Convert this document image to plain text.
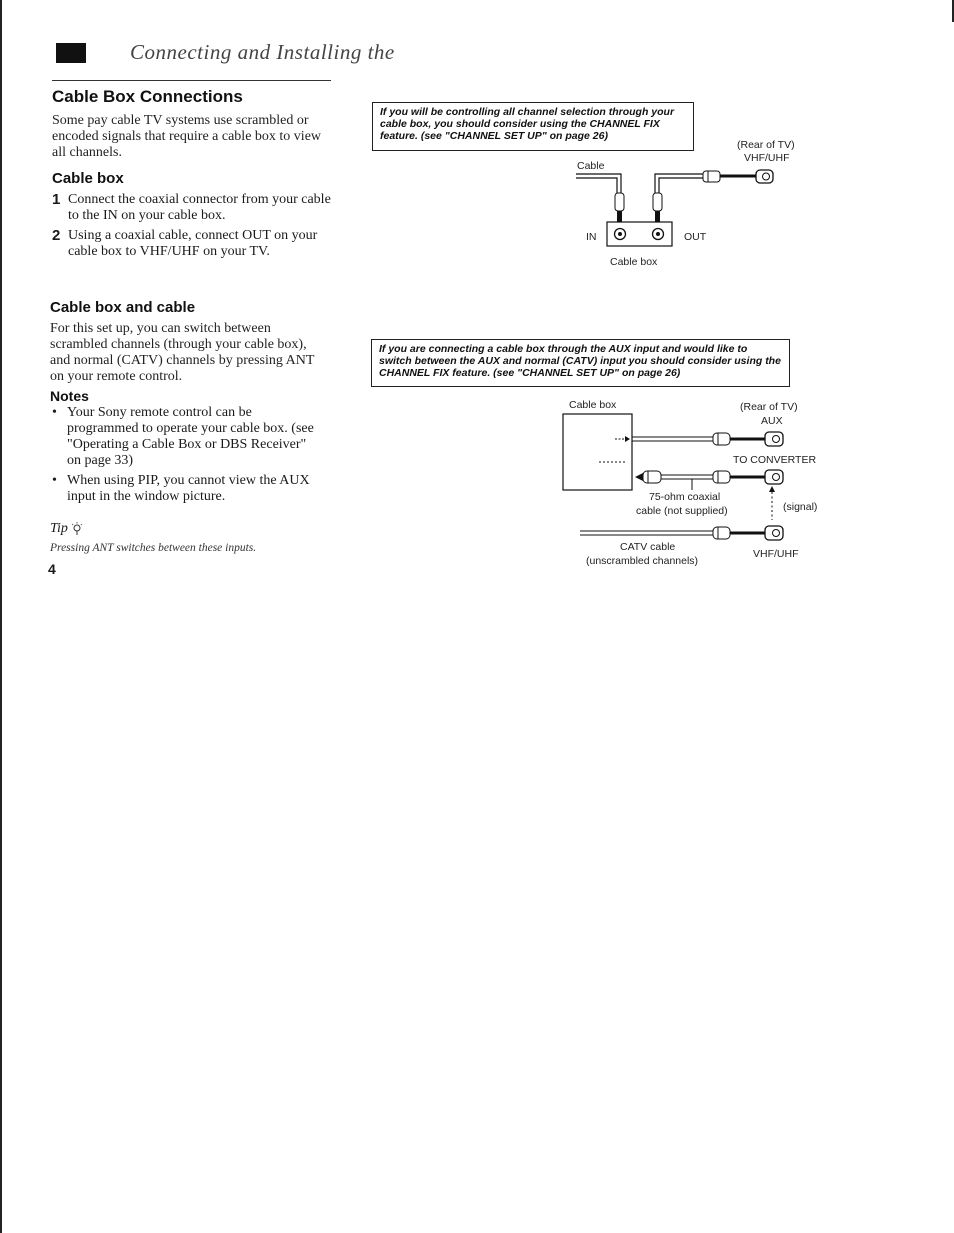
Connecting and Installing the
Cable Box Connections
Some pay cable TV systems use scrambled or encoded signals that require a cable box to view all channels.
Cable box
1 Connect the coaxial connector from your cable to the IN on your cable box.
2 Using a coaxial cable, connect OUT on your cable box to VHF/UHF on your TV.
Cable box and cable
For this set up, you can switch between scrambled channels (through your cable box), and normal (CATV) channels by pressing ANT on your remote control.
Notes
• Your Sony remote control can be programmed to operate your cable box. (see "Operating a Cable Box or DBS Receiver" on page 33)
• When using PIP, you cannot view the AUX input in the window picture.
Tip
Pressing ANT switches between these inputs.
4
If you will be controlling all channel selection through your cable box, you should consider using the CHANNEL FIX feature. (see "CHANNEL SET UP" on page 26)
(Rear of TV)
VHF/UHF
Cable
IN	OUT
Cable box
If you are connecting a cable box through the AUX input and would like to switch between the AUX and normal (CATV) input you should consider using the CHANNEL FIX feature. (see "CHANNEL SET UP" on page 26)
Cable box	(Rear of TV)
AUX
TO CONVERTER
75-ohm coaxial
cable (not supplied)	(signal)
CATV cable
(unscrambled channels)
VHF/UHF
